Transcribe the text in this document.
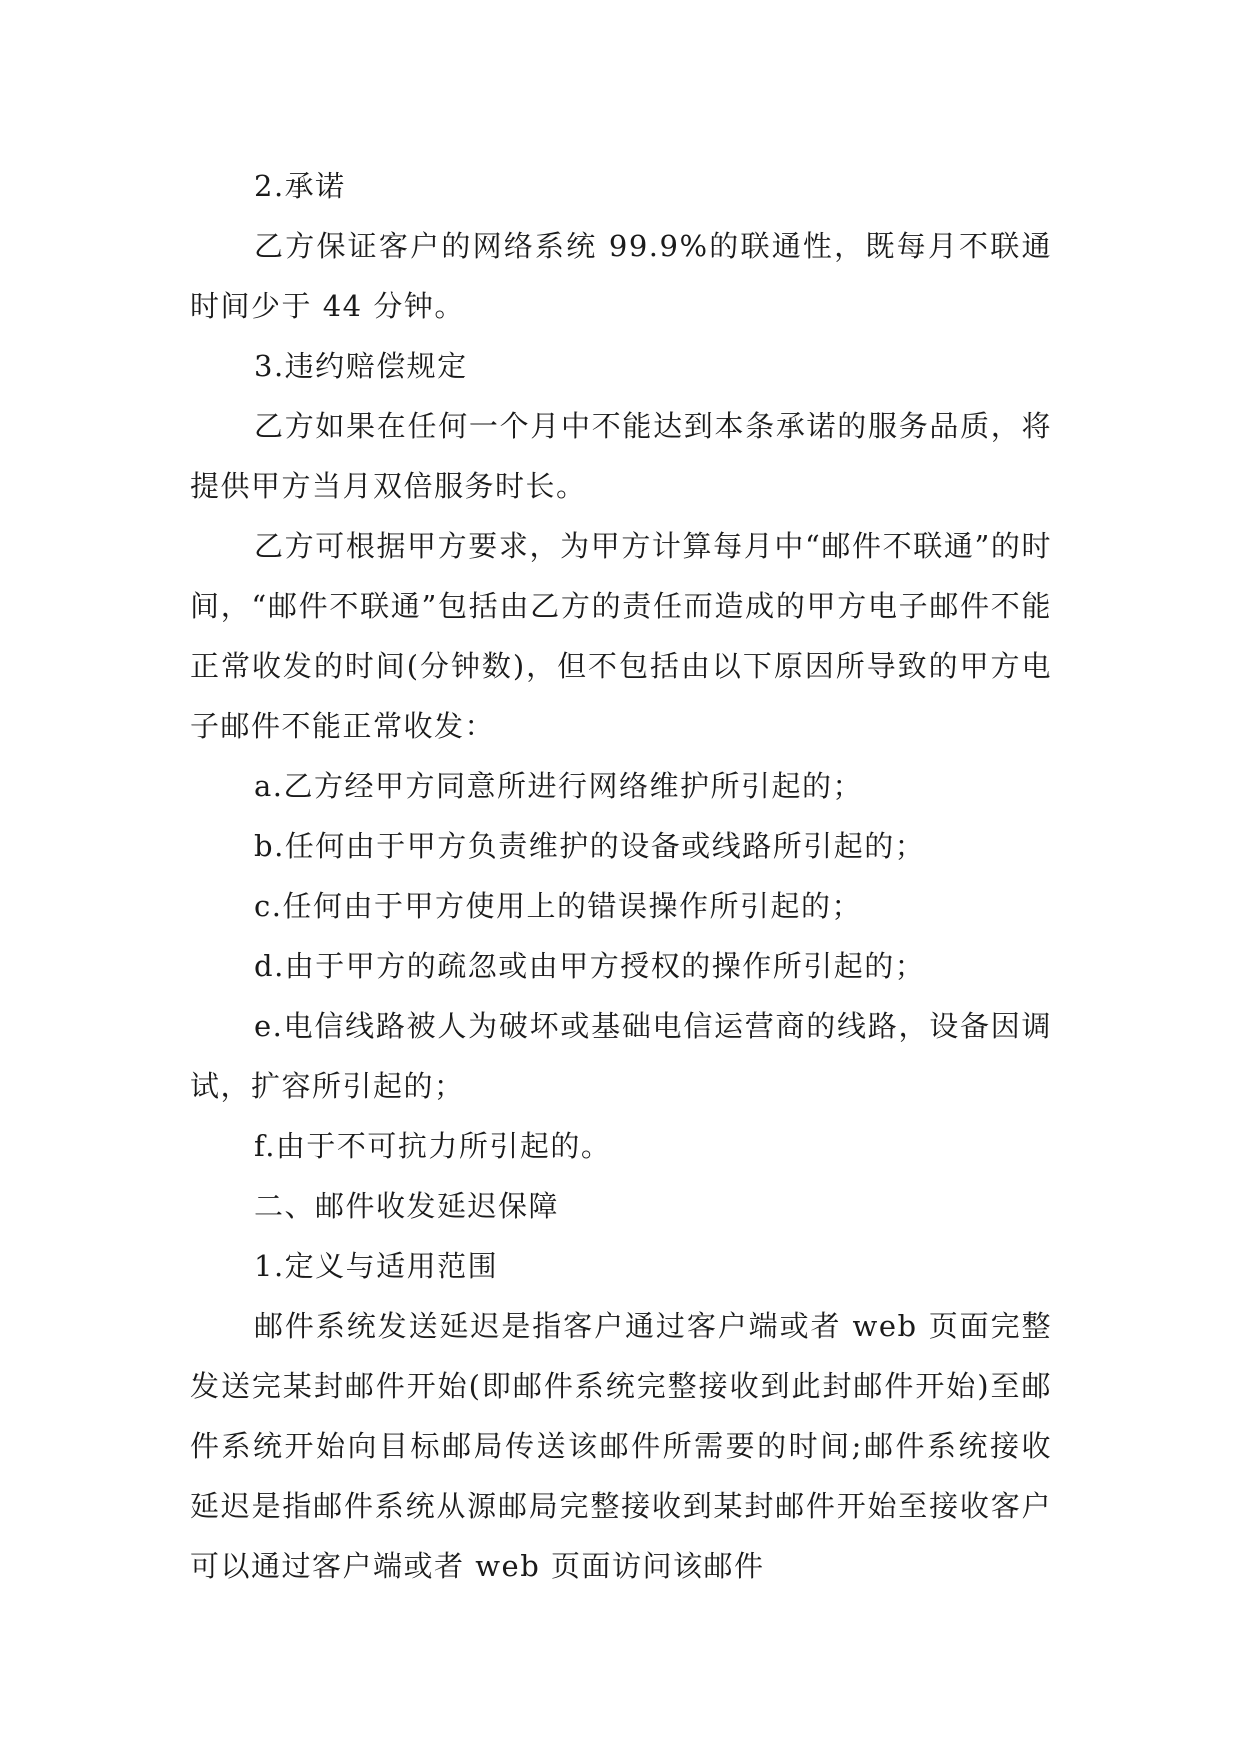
2.承诺

乙方保证客户的网络系统 99.9%的联通性，既每月不联通时间少于 44 分钟。

3.违约赔偿规定

乙方如果在任何一个月中不能达到本条承诺的服务品质，将提供甲方当月双倍服务时长。

乙方可根据甲方要求，为甲方计算每月中“邮件不联通”的时间，“邮件不联通”包括由乙方的责任而造成的甲方电子邮件不能正常收发的时间(分钟数)，但不包括由以下原因所导致的甲方电子邮件不能正常收发：

a.乙方经甲方同意所进行网络维护所引起的；

b.任何由于甲方负责维护的设备或线路所引起的；

c.任何由于甲方使用上的错误操作所引起的；

d.由于甲方的疏忽或由甲方授权的操作所引起的；

e.电信线路被人为破坏或基础电信运营商的线路，设备因调试，扩容所引起的；

f.由于不可抗力所引起的。

二、邮件收发延迟保障

1.定义与适用范围

邮件系统发送延迟是指客户通过客户端或者 web 页面完整发送完某封邮件开始(即邮件系统完整接收到此封邮件开始)至邮件系统开始向目标邮局传送该邮件所需要的时间;邮件系统接收延迟是指邮件系统从源邮局完整接收到某封邮件开始至接收客户可以通过客户端或者 web 页面访问该邮件
